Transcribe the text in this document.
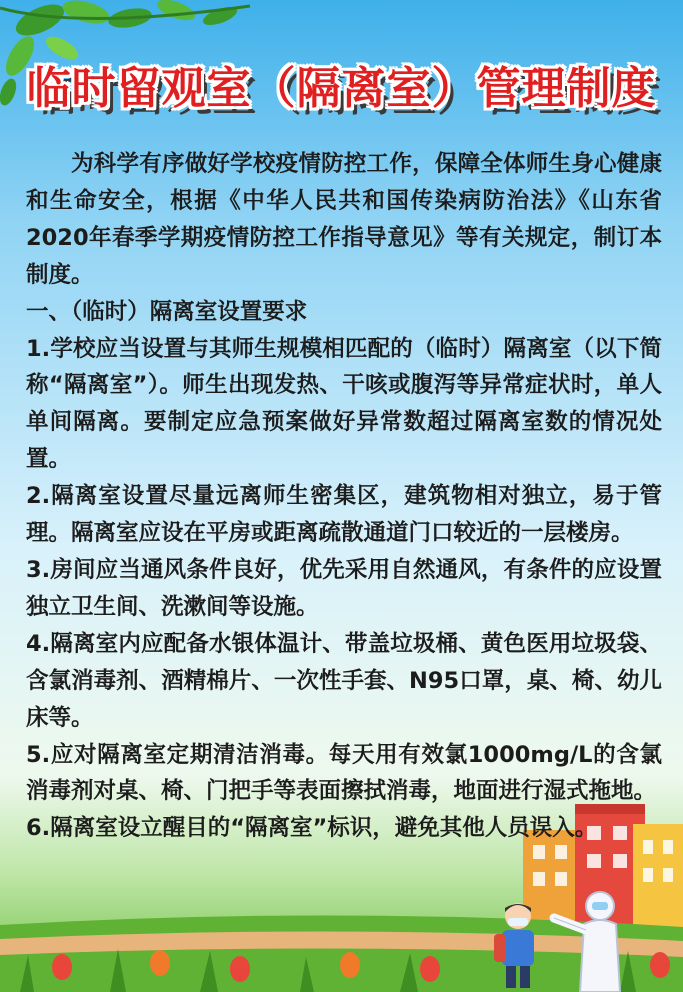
临时留观室（隔离室）管理制度

为科学有序做好学校疫情防控工作，保障全体师生身心健康和生命安全，根据《中华人民共和国传染病防治法》《山东省2020年春季学期疫情防控工作指导意见》等有关规定，制订本制度。

一、（临时）隔离室设置要求

1.学校应当设置与其师生规模相匹配的（临时）隔离室（以下简称“隔离室”）。师生出现发热、干咳或腹泻等异常症状时，单人单间隔离。要制定应急预案做好异常数超过隔离室数的情况处置。

2.隔离室设置尽量远离师生密集区，建筑物相对独立，易于管理。隔离室应设在平房或距离疏散通道门口较近的一层楼房。

3.房间应当通风条件良好，优先采用自然通风，有条件的应设置独立卫生间、洗漱间等设施。

4.隔离室内应配备水银体温计、带盖垃圾桶、黄色医用垃圾袋、含氯消毒剂、酒精棉片、一次性手套、N95口罩，桌、椅、幼儿床等。

5.应对隔离室定期清洁消毒。每天用有效氯1000mg/L的含氯消毒剂对桌、椅、门把手等表面擦拭消毒，地面进行湿式拖地。

6.隔离室设立醒目的“隔离室”标识，避免其他人员误入。
